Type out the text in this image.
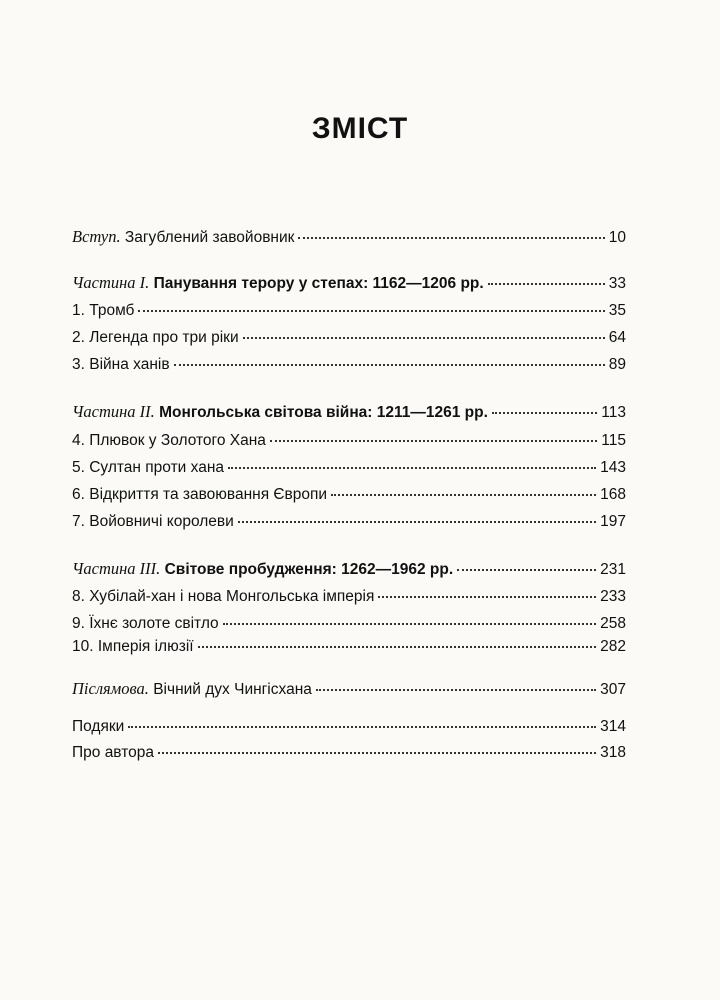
ЗМІСТ
Вступ. Загублений завойовник	10
Частина I. Панування терору у степах: 1162—1206 рр.	33
1. Тромб	35
2. Легенда про три ріки	64
3. Війна ханів	89
Частина II. Монгольська світова війна: 1211—1261 рр.	113
4. Плювок у Золотого Хана	115
5. Султан проти хана	143
6. Відкриття та завоювання Європи	168
7. Войовничі королеви	197
Частина III. Світове пробудження: 1262—1962 рр.	231
8. Хубілай-хан і нова Монгольська імперія	233
9. Їхнє золоте світло	258
10. Імперія ілюзії	282
Післямова. Вічний дух Чингісхана	307
Подяки	314
Про автора	318
